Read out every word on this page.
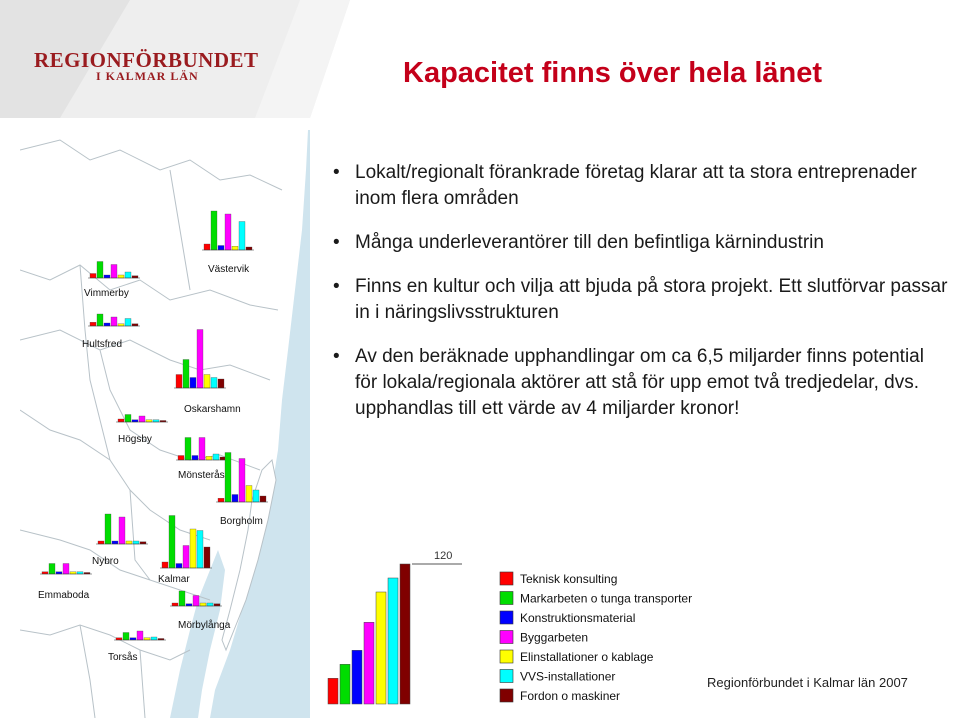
REGIONFÖRBUNDET
I KALMAR LÄN	Kapacitet finns över hela länet
Västervik
Vimmerby
Hultsfred
Oskarshamn
Högsby
Mönsterås
Borgholm
Nybro
Kalmar
Emmaboda
Mörbylånga
Torsås
• Lokalt/regionalt förankrade företag klarar att ta stora entreprenader inom flera områden
• Många underleverantörer till den befintliga kärnindustrin
• Finns en kultur och vilja att bjuda på stora projekt. Ett slutförvar passar in i näringslivsstrukturen
• Av den beräknade upphandlingar om ca 6,5 miljarder finns potential för lokala/regionala aktörer att stå för upp emot två tredjedelar, dvs. upphandlas till ett värde av 4 miljarder kronor!
120
Teknisk konsulting
Markarbeten o tunga transporter
Konstruktionsmaterial
Byggarbeten
Elinstallationer o kablage
VVS-installationer
Fordon o maskiner
Regionförbundet i Kalmar län 2007
